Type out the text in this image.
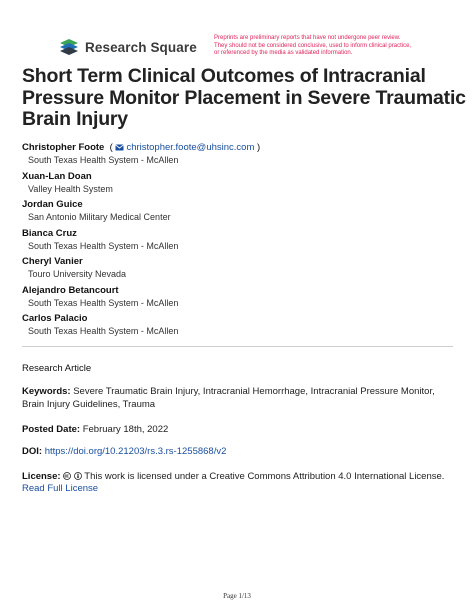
Research Square
Preprints are preliminary reports that have not undergone peer review.
They should not be considered conclusive, used to inform clinical practice,
or referenced by the media as validated information.
Short Term Clinical Outcomes of Intracranial
Pressure Monitor Placement in Severe Traumatic
Brain Injury
Christopher Foote  ( christopher.foote@uhsinc.com )
South Texas Health System - McAllen
Xuan-Lan Doan
Valley Health System
Jordan Guice
San Antonio Military Medical Center
Bianca Cruz
South Texas Health System - McAllen
Cheryl Vanier
Touro University Nevada
Alejandro Betancourt
South Texas Health System - McAllen
Carlos Palacio
South Texas Health System - McAllen
Research Article
Keywords: Severe Traumatic Brain Injury, Intracranial Hemorrhage, Intracranial Pressure Monitor, Brain Injury Guidelines, Trauma
Posted Date: February 18th, 2022
DOI: https://doi.org/10.21203/rs.3.rs-1255868/v2
License:	This work is licensed under a Creative Commons Attribution 4.0 International License.
Read Full License
Page 1/13
